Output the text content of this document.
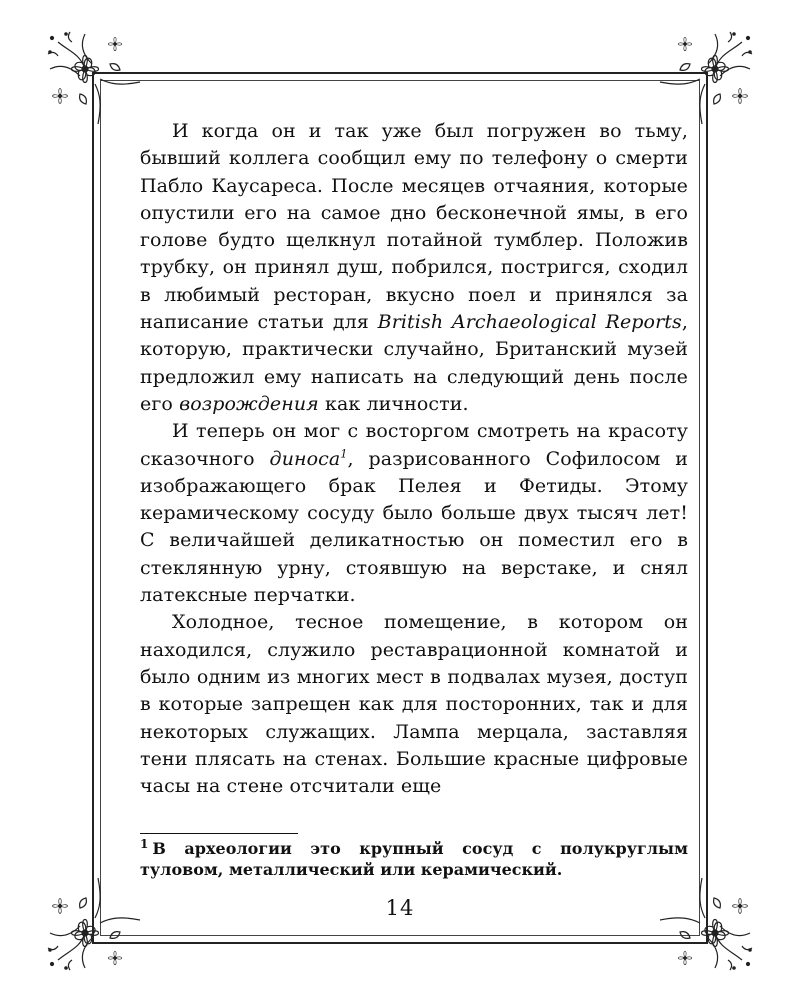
И когда он и так уже был погружен во тьму, бывший коллега сообщил ему по телефону о смерти Пабло Каусареса. После месяцев отчаяния, которые опустили его на самое дно бесконечной ямы, в его голове будто щелкнул потайной тумблер. Положив трубку, он принял душ, побрился, постригся, сходил в любимый ресторан, вкусно поел и принялся за написание статьи для British Archaeological Reports, которую, практически случайно, Британский музей предложил ему написать на следующий день после его возрождения как личности.

И теперь он мог с восторгом смотреть на красоту сказочного диноса$^1$, разрисованного Софилосом и изображающего брак Пелея и Фетиды. Этому керамическому сосуду было больше двух тысяч лет! С величайшей деликатностью он поместил его в стеклянную урну, стоявшую на верстаке, и снял латексные перчатки.

Холодное, тесное помещение, в котором он находился, служило реставрационной комнатой и было одним из многих мест в подвалах музея, доступ в которые запрещен как для посторонних, так и для некоторых служащих. Лампа мерцала, заставляя тени плясать на стенах. Большие красные цифровые часы на стене отсчитали еще

$^1$ В археологии это крупный сосуд с полукруглым туловом, металлический или керамический.
14
